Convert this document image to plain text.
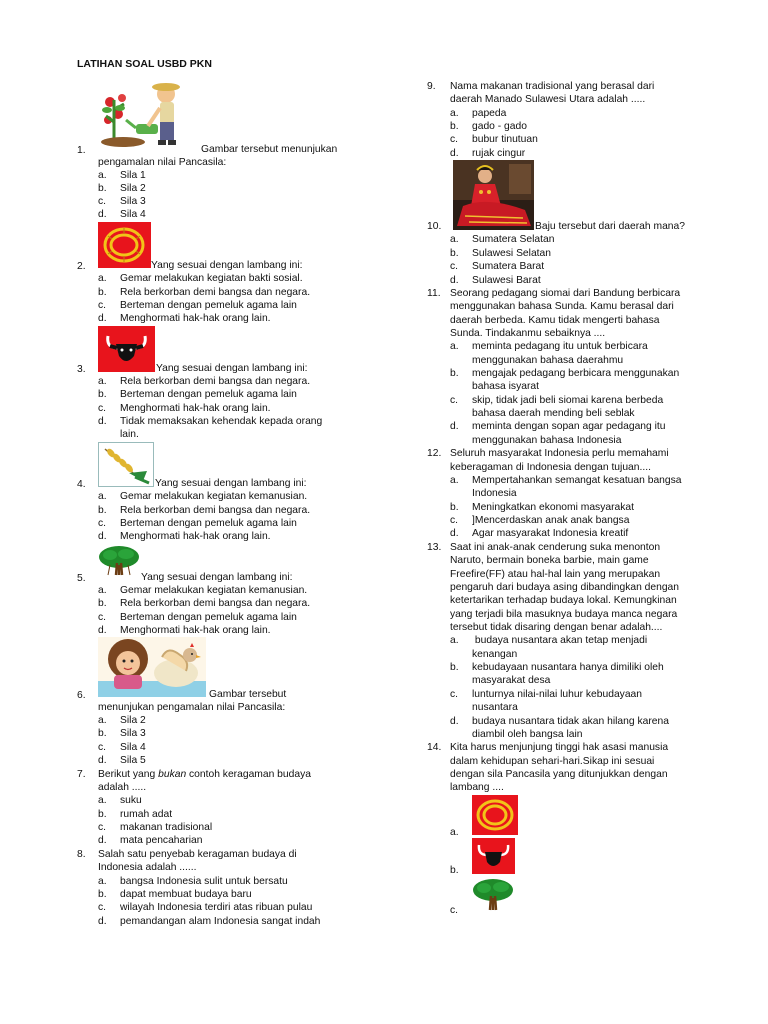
LATIHAN SOAL USBD PKN
1.	Gambar tersebut menunjukan
pengamalan nilai Pancasila:
a. Sila 1
b. Sila 2
c. Sila 3
d. Sila 4
2.	Yang sesuai dengan lambang ini:
a. Gemar melakukan kegiatan bakti sosial.
b. Rela berkorban demi bangsa dan negara.
c. Berteman dengan pemeluk agama lain
d. Menghormati hak-hak orang lain.
3.	Yang sesuai dengan lambang ini:
a. Rela berkorban demi bangsa dan negara.
b. Berteman dengan pemeluk agama lain
c. Menghormati hak-hak orang lain.
d. Tidak memaksakan kehendak kepada orang
lain.
4.	Yang sesuai dengan lambang ini:
a. Gemar melakukan kegiatan kemanusian.
b. Rela berkorban demi bangsa dan negara.
c. Berteman dengan pemeluk agama lain
d. Menghormati hak-hak orang lain.
5.	Yang sesuai dengan lambang ini:
a. Gemar melakukan kegiatan kemanusian.
b. Rela berkorban demi bangsa dan negara.
c. Berteman dengan pemeluk agama lain
d. Menghormati hak-hak orang lain.
6.	Gambar tersebut
menunjukan pengamalan nilai Pancasila:
a. Sila 2
b. Sila 3
c. Sila 4
d. Sila 5
7. Berikut yang bukan contoh keragaman budaya
adalah .....
a. suku
b. rumah adat
c. makanan tradisional
d. mata pencaharian
8. Salah satu penyebab keragaman budaya di
Indonesia adalah ......
a. bangsa Indonesia sulit untuk bersatu
b. dapat membuat budaya baru
c. wilayah Indonesia terdiri atas ribuan pulau
d. pemandangan alam Indonesia sangat indah
9. Nama makanan tradisional yang berasal dari
daerah Manado Sulawesi Utara adalah .....
a. papeda
b. gado - gado
c. bubur tinutuan
d. rujak cingur
10.	Baju tersebut dari daerah mana?
a. Sumatera Selatan
b. Sulawesi Selatan
c. Sumatera Barat
d. Sulawesi Barat
11. Seorang pedagang siomai dari Bandung berbicara
menggunakan bahasa Sunda. Kamu berasal dari
daerah berbeda. Kamu tidak mengerti bahasa
Sunda. Tindakanmu sebaiknya ....
a. meminta pedagang itu untuk berbicara
menggunakan bahasa daerahmu
b. mengajak pedagang berbicara menggunakan
bahasa isyarat
c. skip, tidak jadi beli siomai karena berbeda
bahasa daerah mending beli seblak
d. meminta dengan sopan agar pedagang itu
menggunakan bahasa Indonesia
12. Seluruh masyarakat Indonesia perlu memahami
keberagaman di Indonesia dengan tujuan....
a. Mempertahankan semangat kesatuan bangsa
Indonesia
b. Meningkatkan ekonomi masyarakat
c. ]Mencerdaskan anak anak bangsa
d. Agar masyarakat Indonesia kreatif
13. Saat ini anak-anak cenderung suka menonton
Naruto, bermain boneka barbie, main game
Freefire(FF) atau hal-hal lain yang merupakan
pengaruh dari budaya asing dibandingkan dengan
ketertarikan terhadap budaya lokal. Kemungkinan
yang terjadi bila masuknya budaya manca negara
tersebut tidak disaring dengan benar adalah....
a. budaya nusantara akan tetap menjadi
kenangan
b. kebudayaan nusantara hanya dimiliki oleh
masyarakat desa
c. lunturnya nilai-nilai luhur kebudayaan
nusantara
d. budaya nusantara tidak akan hilang karena
diambil oleh bangsa lain
14. Kita harus menjunjung tinggi hak asasi manusia
dalam kehidupan sehari-hari.Sikap ini sesuai
dengan sila Pancasila yang ditunjukkan dengan
lambang ....
a.
b.
c.
